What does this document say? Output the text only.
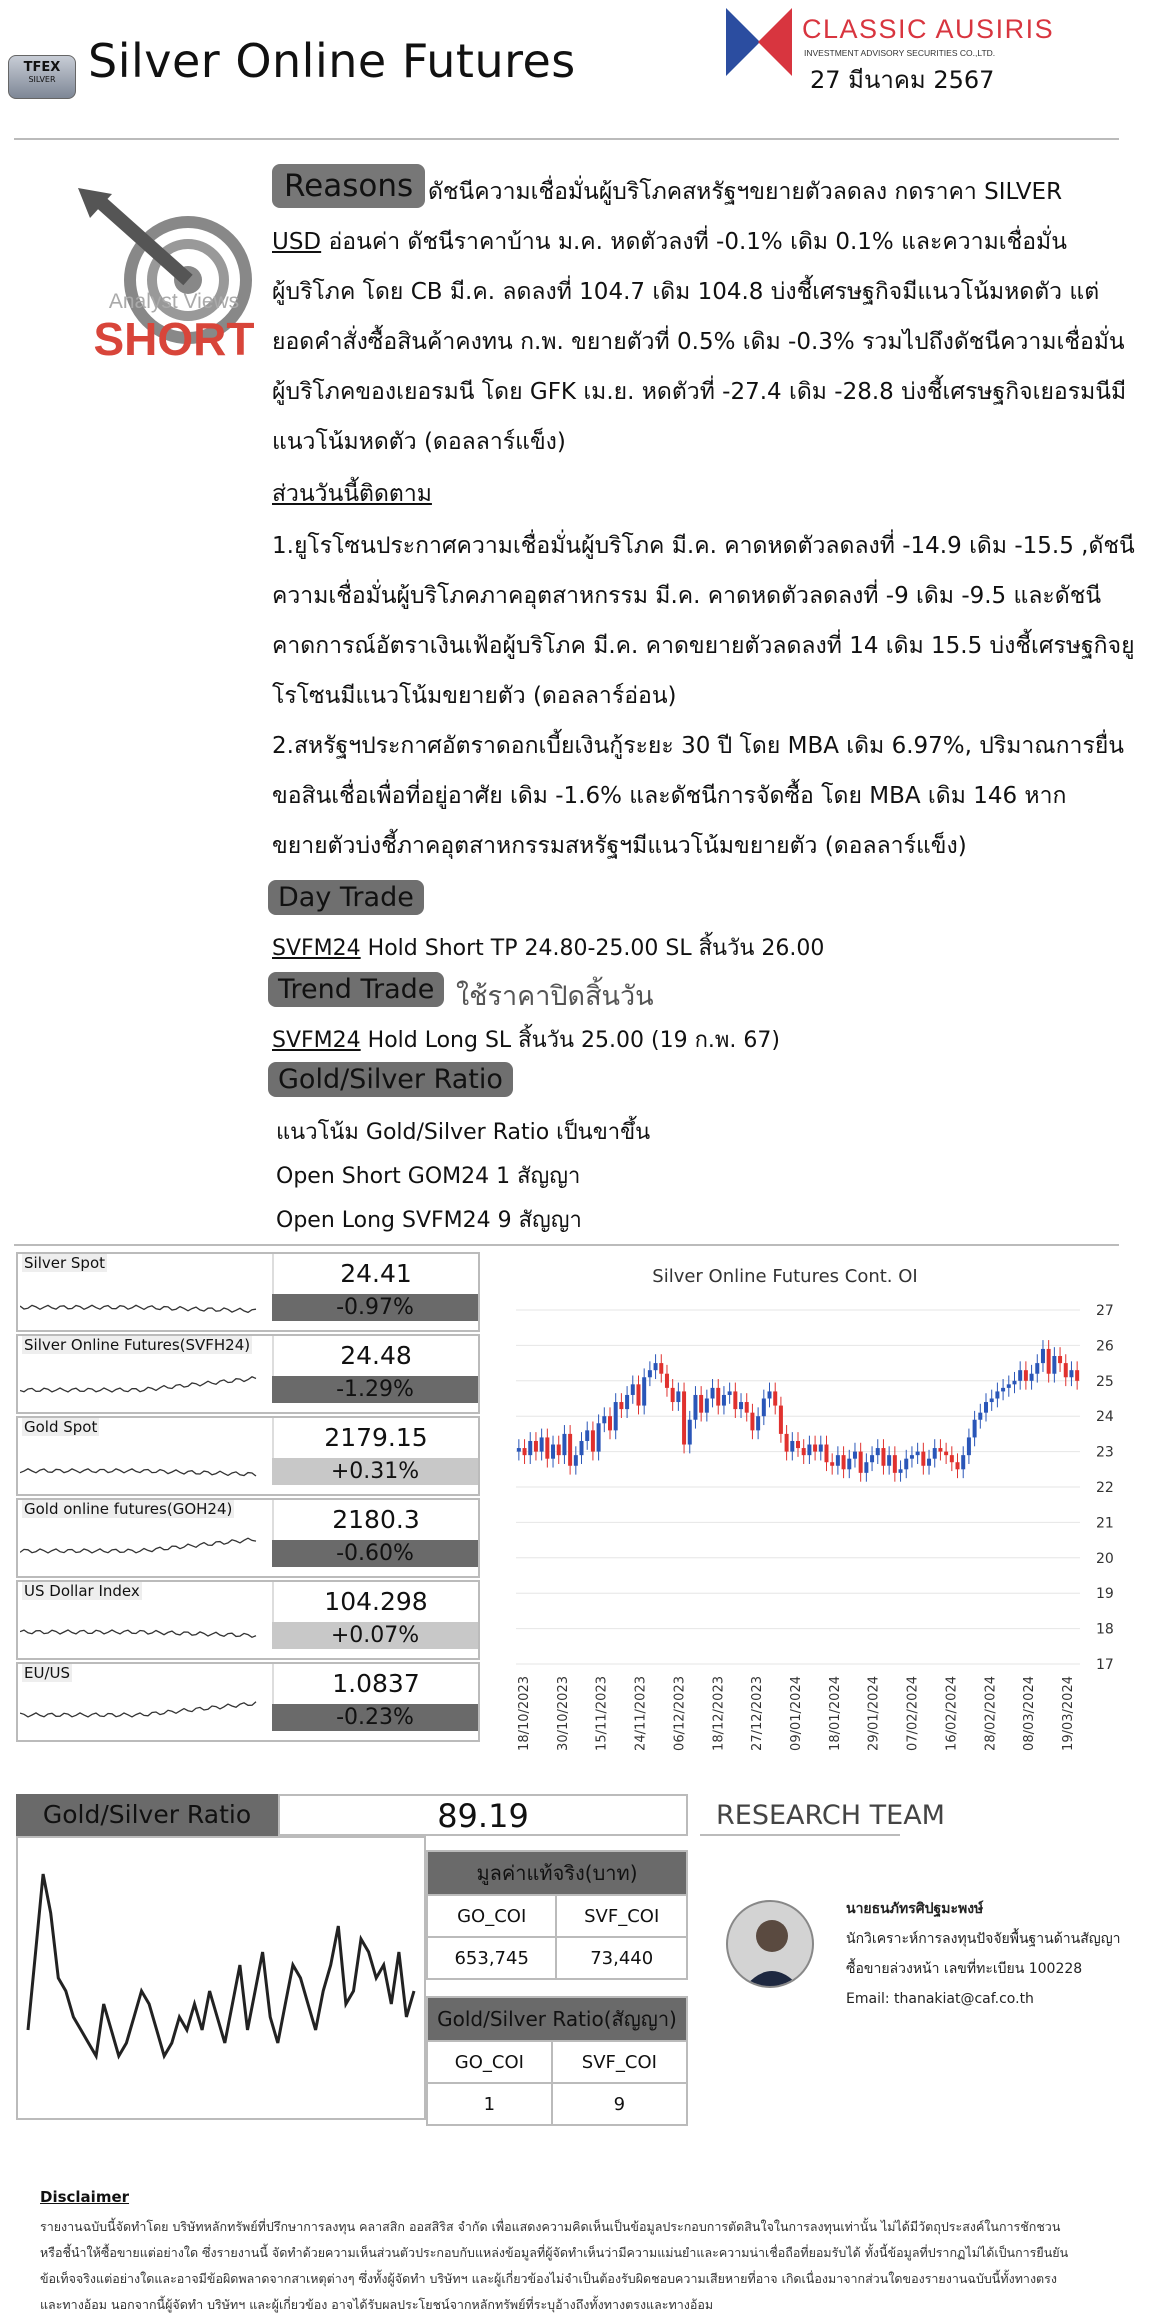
TFEX
SILVER Silver Online Futures
CLASSIC AUSIRIS
INVESTMENT ADVISORY SECURITIES CO.,LTD.
27 มีนาคม 2567
Analyst Views
SHORT
Reasons ดัชนีความเชื่อมั่นผู้บริโภคสหรัฐฯขยายตัวลดลง กดราคา SILVER
USD อ่อนค่า ดัชนีราคาบ้าน ม.ค. หดตัวลงที่ -0.1% เดิม 0.1% และความเชื่อมั่น
ผู้บริโภค โดย CB มี.ค. ลดลงที่ 104.7 เดิม 104.8 บ่งชี้เศรษฐกิจมีแนวโน้มหดตัว แต่
ยอดคำสั่งซื้อสินค้าคงทน ก.พ. ขยายตัวที่ 0.5% เดิม -0.3% รวมไปถึงดัชนีความเชื่อมั่น
ผู้บริโภคของเยอรมนี โดย GFK เม.ย. หดตัวที่ -27.4 เดิม -28.8 บ่งชี้เศรษฐกิจเยอรมนีมี
แนวโน้มหดตัว (ดอลลาร์แข็ง)
ส่วนวันนี้ติดตาม
1.ยูโรโซนประกาศความเชื่อมั่นผู้บริโภค มี.ค. คาดหดตัวลดลงที่ -14.9 เดิม -15.5 ,ดัชนี
ความเชื่อมั่นผู้บริโภคภาคอุตสาหกรรม มี.ค. คาดหดตัวลดลงที่ -9 เดิม -9.5 และดัชนี
คาดการณ์อัตราเงินเฟ้อผู้บริโภค มี.ค. คาดขยายตัวลดลงที่ 14 เดิม 15.5 บ่งชี้เศรษฐกิจยู
โรโซนมีแนวโน้มขยายตัว (ดอลลาร์อ่อน)
2.สหรัฐฯประกาศอัตราดอกเบี้ยเงินกู้ระยะ 30 ปี โดย MBA เดิม 6.97%, ปริมาณการยื่น
ขอสินเชื่อเพื่อที่อยู่อาศัย เดิม -1.6% และดัชนีการจัดซื้อ โดย MBA เดิม 146 หาก
ขยายตัวบ่งชี้ภาคอุตสาหกรรมสหรัฐฯมีแนวโน้มขยายตัว (ดอลลาร์แข็ง)
Day Trade
SVFM24 Hold Short TP 24.80-25.00 SL สิ้นวัน 26.00
Trend Trade ใช้ราคาปิดสิ้นวัน
SVFM24 Hold Long SL สิ้นวัน 25.00 (19 ก.พ. 67)
Gold/Silver Ratio
แนวโน้ม Gold/Silver Ratio เป็นขาขึ้น
Open Short GOM24 1 สัญญา
Open Long SVFM24 9 สัญญา
Silver Spot	24.41
-0.97%
Silver Online Futures(SVFH24)	24.48
-1.29%
Gold Spot	2179.15
+0.31%
Gold online futures(GOH24)	2180.3
-0.60%
US Dollar Index	104.298
+0.07%
EU/US	1.0837
-0.23%
Silver Online Futures Cont. OI
17
18
19
20
21
22
23
24
25
26
27
18/10/2023 30/10/2023 15/11/2023 24/11/2023 06/12/2023 18/12/2023 27/12/2023 09/01/2024 18/01/2024 29/01/2024 07/02/2024 16/02/2024 28/02/2024 08/03/2024 19/03/2024
Gold/Silver Ratio	89.19	RESEARCH TEAM
มูลค่าแท้จริง(บาท)	
GO_COI	SVF_COI
653,745	73,440
Gold/Silver Ratio(สัญญา)	
GO_COI	SVF_COI
1	9
นายธนภัทรศิปฐมะพงษ์
นักวิเคราะห์การลงทุนปัจจัยพื้นฐานด้านสัญญา
ซื้อขายล่วงหน้า เลขที่ทะเบียน 100228
Email: thanakiat@caf.co.th
Disclaimer
รายงานฉบับนี้จัดทำโดย บริษัทหลักทรัพย์ที่ปรึกษาการลงทุน คลาสสิก ออสสิริส จำกัด เพื่อแสดงความคิดเห็นเป็นข้อมูลประกอบการตัดสินใจในการลงทุนเท่านั้น ไม่ได้มีวัตถุประสงค์ในการชักชวน
หรือชี้นำให้ซื้อขายแต่อย่างใด ซึ่งรายงานนี้ จัดทำด้วยความเห็นส่วนตัวประกอบกับแหล่งข้อมูลที่ผู้จัดทำเห็นว่ามีความแม่นยำและความน่าเชื่อถือที่ยอมรับได้ ทั้งนี้ข้อมูลที่ปรากฏไม่ได้เป็นการยืนยัน
ข้อเท็จจริงแต่อย่างใดและอาจมีข้อผิดพลาดจากสาเหตุต่างๆ ซึ่งทั้งผู้จัดทำ บริษัทฯ และผู้เกี่ยวข้องไม่จำเป็นต้องรับผิดชอบความเสียหายที่อาจ เกิดเนื่องมาจากส่วนใดของรายงานฉบับนี้ทั้งทางตรง
และทางอ้อม นอกจากนี้ผู้จัดทำ บริษัทฯ และผู้เกี่ยวข้อง อาจได้รับผลประโยชน์จากหลักทรัพย์ที่ระบุอ้างถึงทั้งทางตรงและทางอ้อม
